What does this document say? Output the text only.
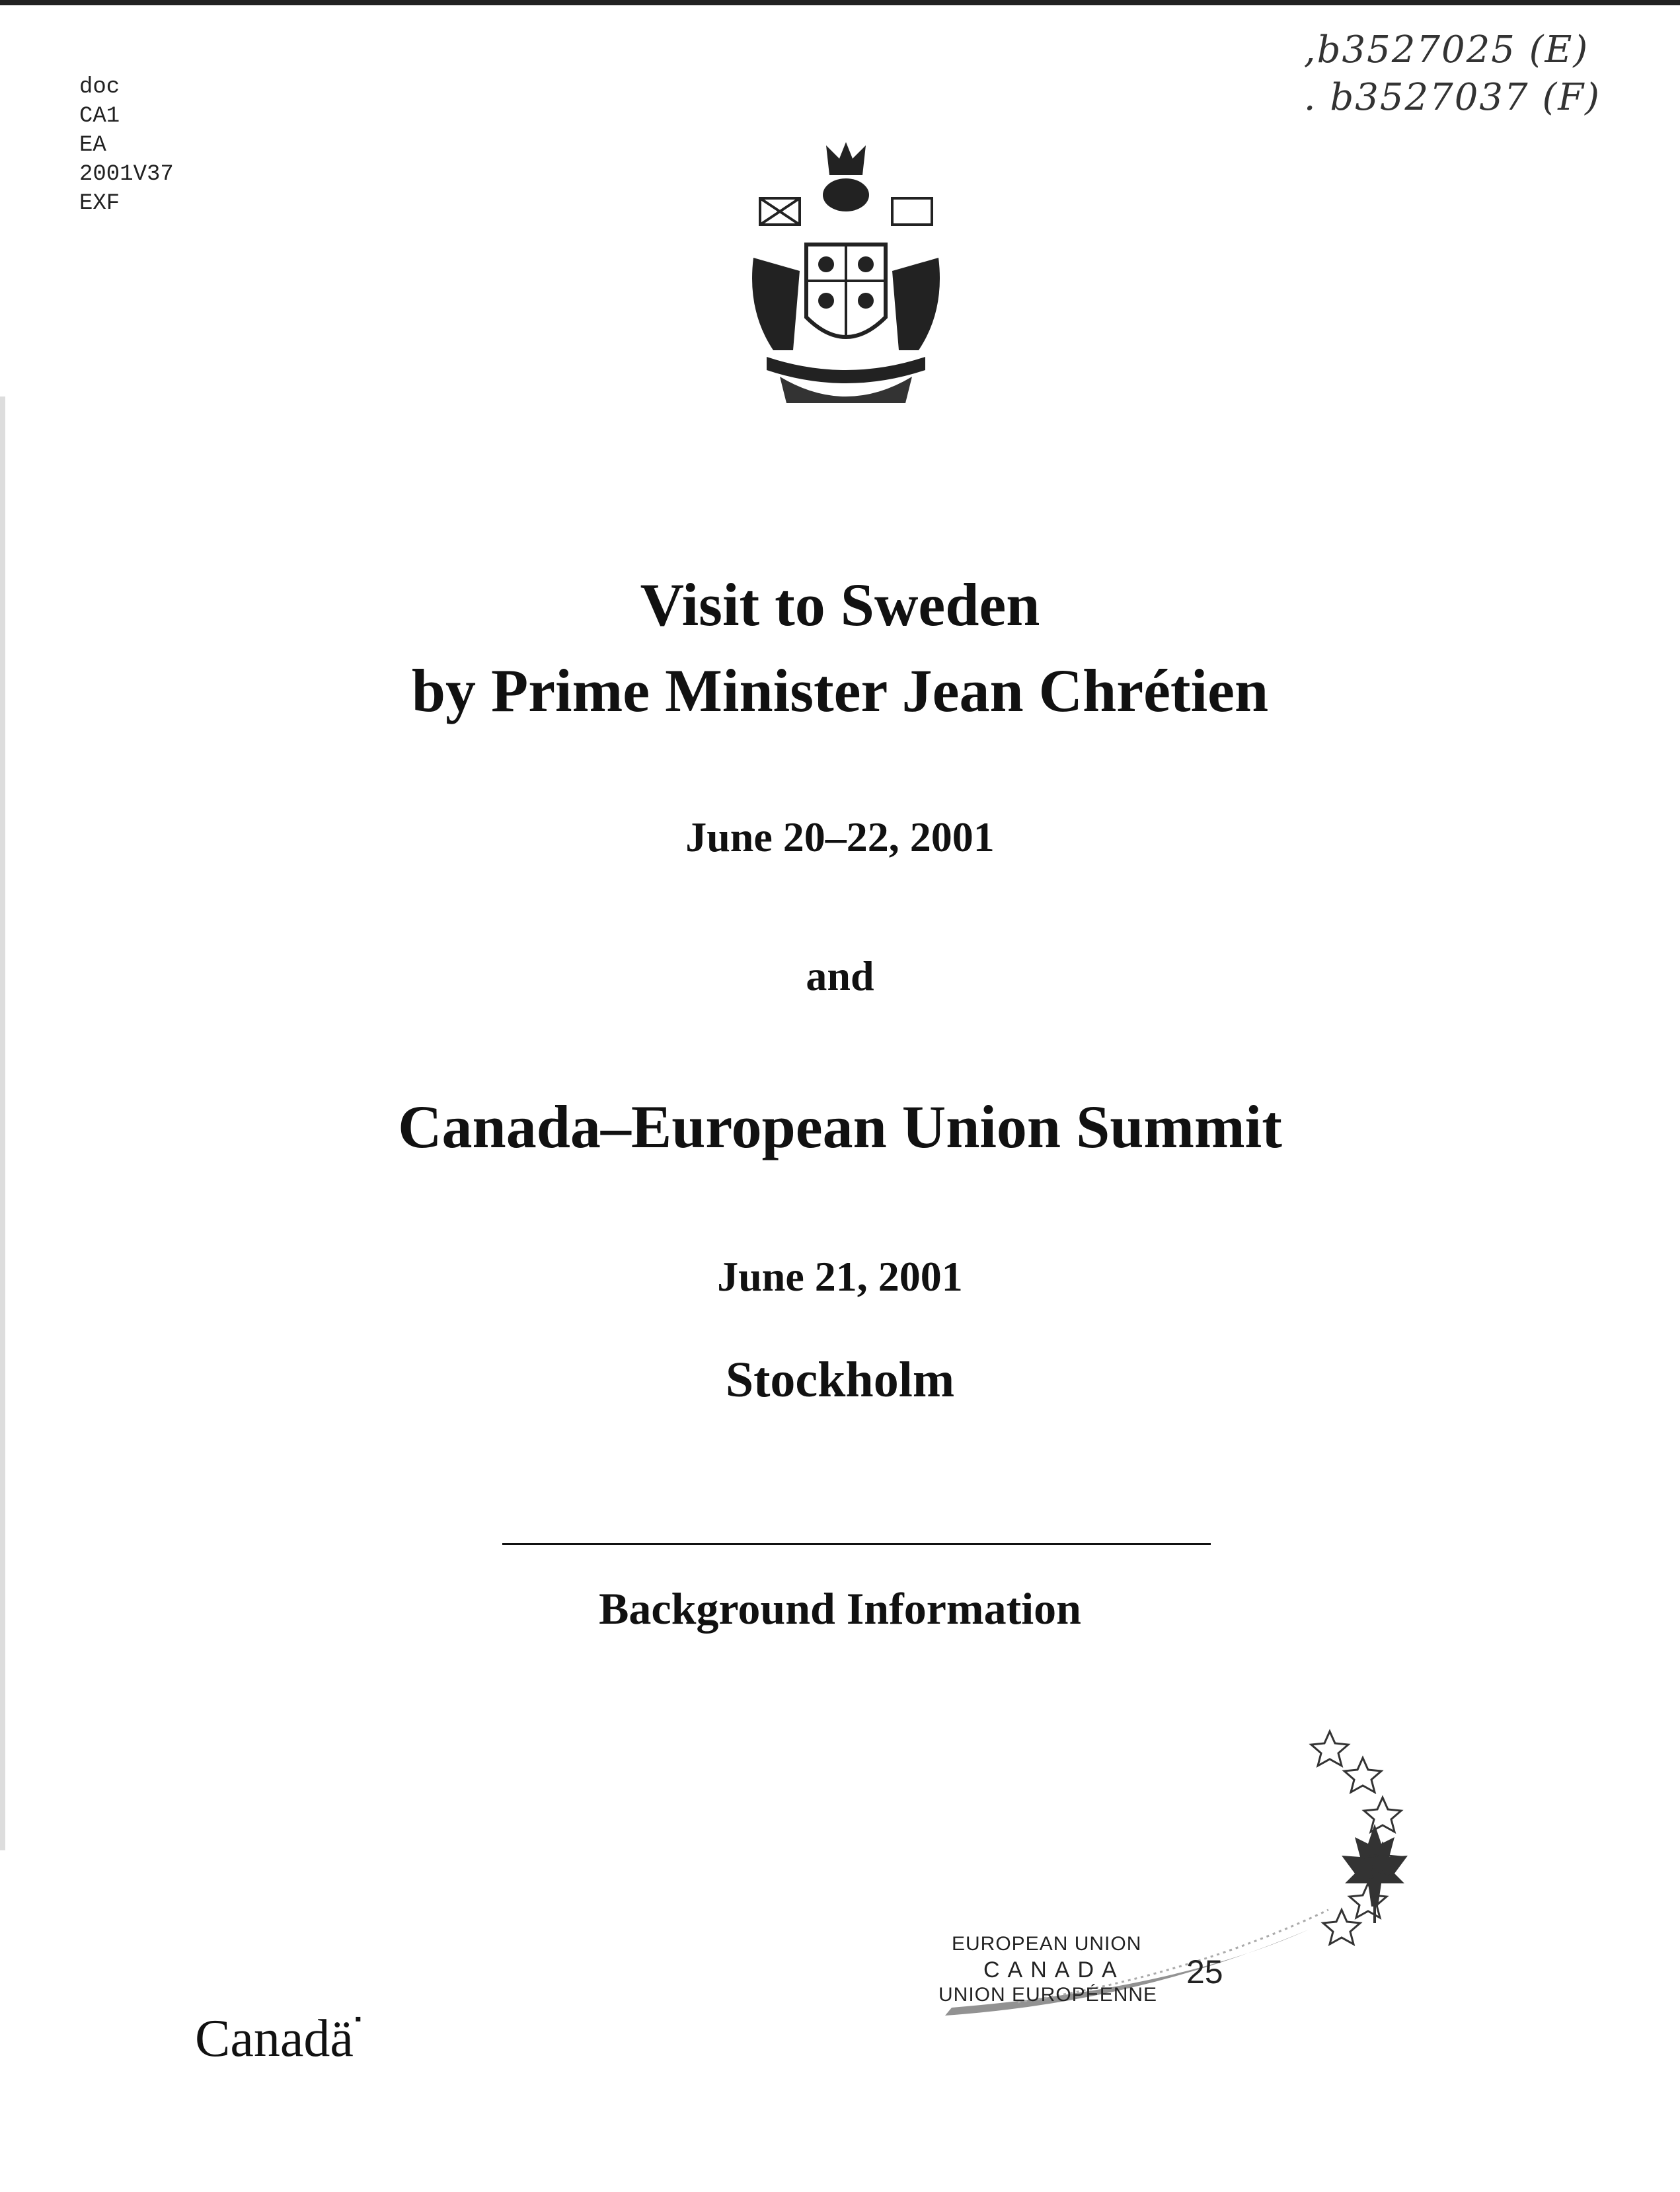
doc
CA1
EA
2001V37
EXF
,b3527025 (E)
. b3527037 (F)
Visit to Sweden
by Prime Minister Jean Chrétien
June 20–22, 2001
and
Canada–European Union Summit
June 21, 2001
Stockholm
Background Information
Canadä▪
EUROPEAN UNION
CANADA
UNION EUROPÉENNE
25
